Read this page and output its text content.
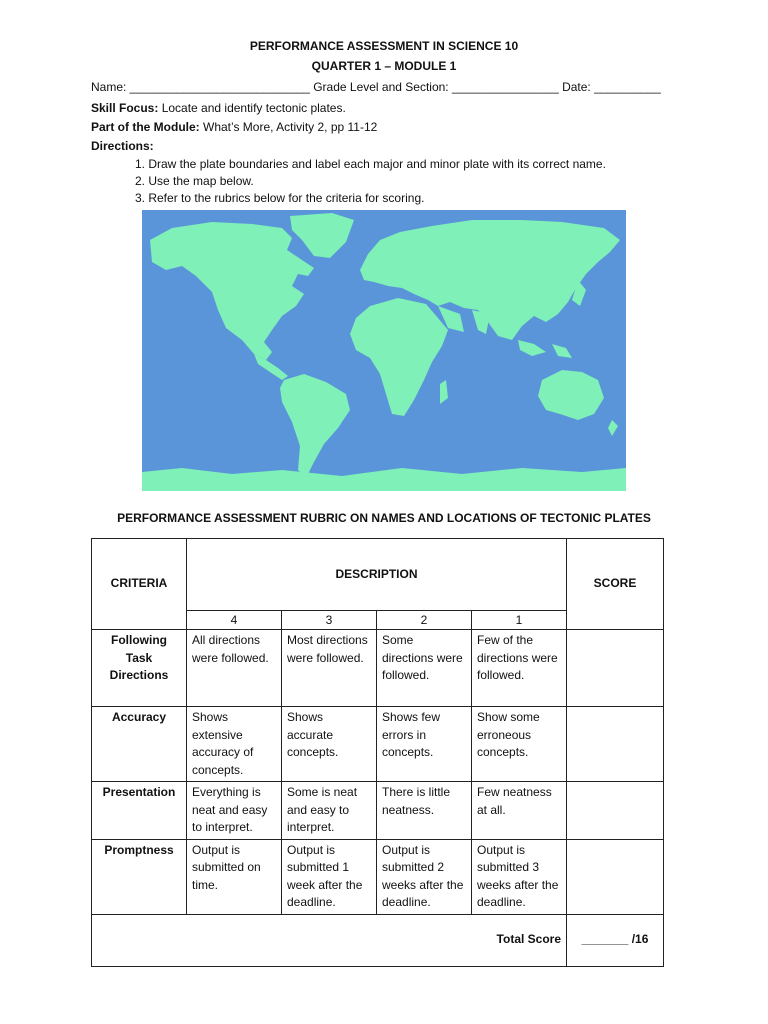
PERFORMANCE ASSESSMENT IN SCIENCE 10
QUARTER 1 – MODULE 1
Name: ___________________________ Grade Level and Section: ________________ Date: __________
Skill Focus: Locate and identify tectonic plates.
Part of the Module: What’s More, Activity 2, pp 11-12
Directions:
1. Draw the plate boundaries and label each major and minor plate with its correct name.
2. Use the map below.
3. Refer to the rubrics below for the criteria for scoring.
PERFORMANCE ASSESSMENT RUBRIC ON NAMES AND LOCATIONS OF TECTONIC PLATES
CRITERIA	DESCRIPTION				SCORE
	4	3	2	1	
Following Task Directions	All directions were followed.	Most directions were followed.	Some directions were followed.	Few of the directions were followed.	
Accuracy	Shows extensive accuracy of concepts.	Shows accurate concepts.	Shows few errors in concepts.	Show some erroneous concepts.	
Presentation	Everything is neat and easy to interpret.	Some is neat and easy to interpret.	There is little neatness.	Few neatness at all.	
Promptness	Output is submitted on time.	Output is submitted 1 week after the deadline.	Output is submitted 2 weeks after the deadline.	Output is submitted 3 weeks after the deadline.	
Total Score					_______ /16
